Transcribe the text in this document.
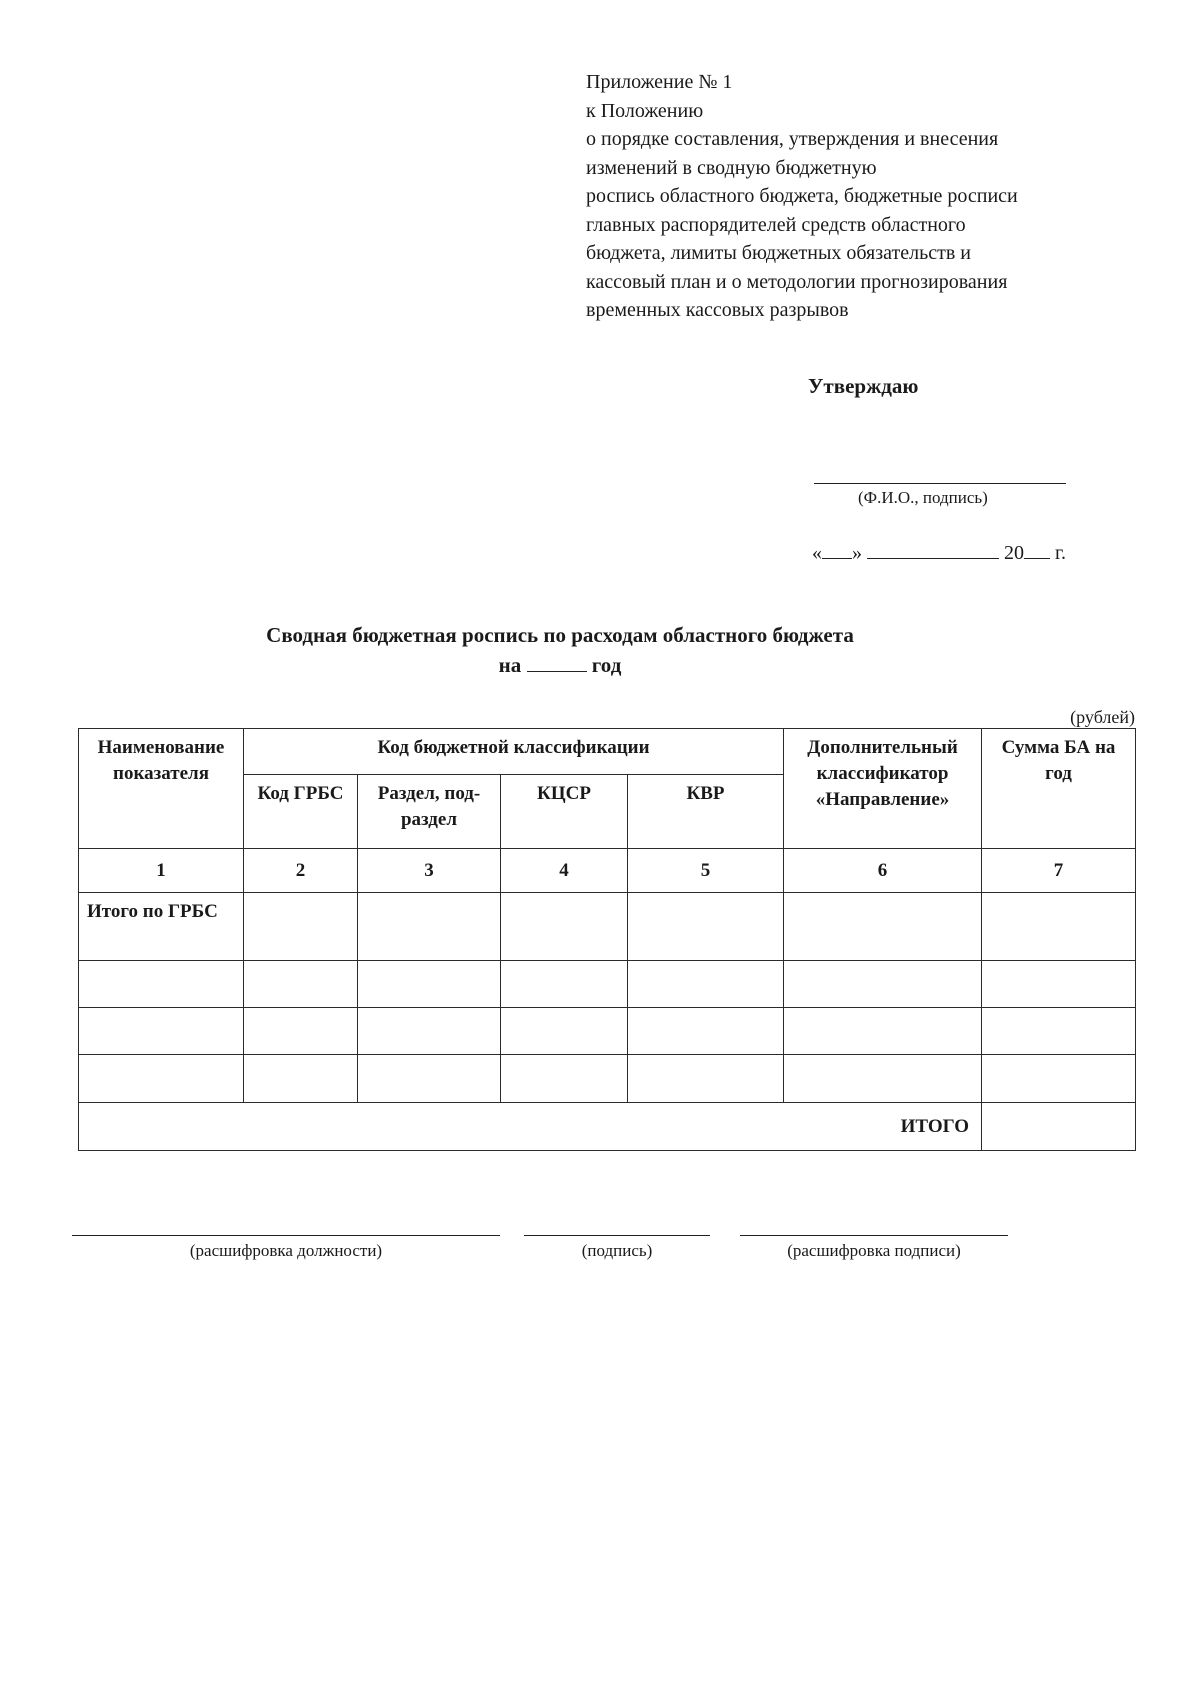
Приложение № 1
к Положению
о порядке составления, утверждения и внесения
изменений в сводную бюджетную
роспись областного бюджета, бюджетные росписи
главных распорядителей средств областного
бюджета, лимиты бюджетных обязательств и
кассовый план и о методологии прогнозирования
временных кассовых разрывов
Утверждаю
(Ф.И.О., подпись)
« »	20 г.
Сводная бюджетная роспись по расходам областного бюджета
на	год
(рублей)
Наименование показателя	Код бюджетной классификации				Дополнительный классификатор «Направление»	Сумма БА на год
	Код ГРБС	Раздел, под-раздел	КЦСР	КВР		
1	2	3	4	5	6	7
Итого по ГРБС						

ИТОГО						
(расшифровка должности)	(подпись)	(расшифровка подписи)
